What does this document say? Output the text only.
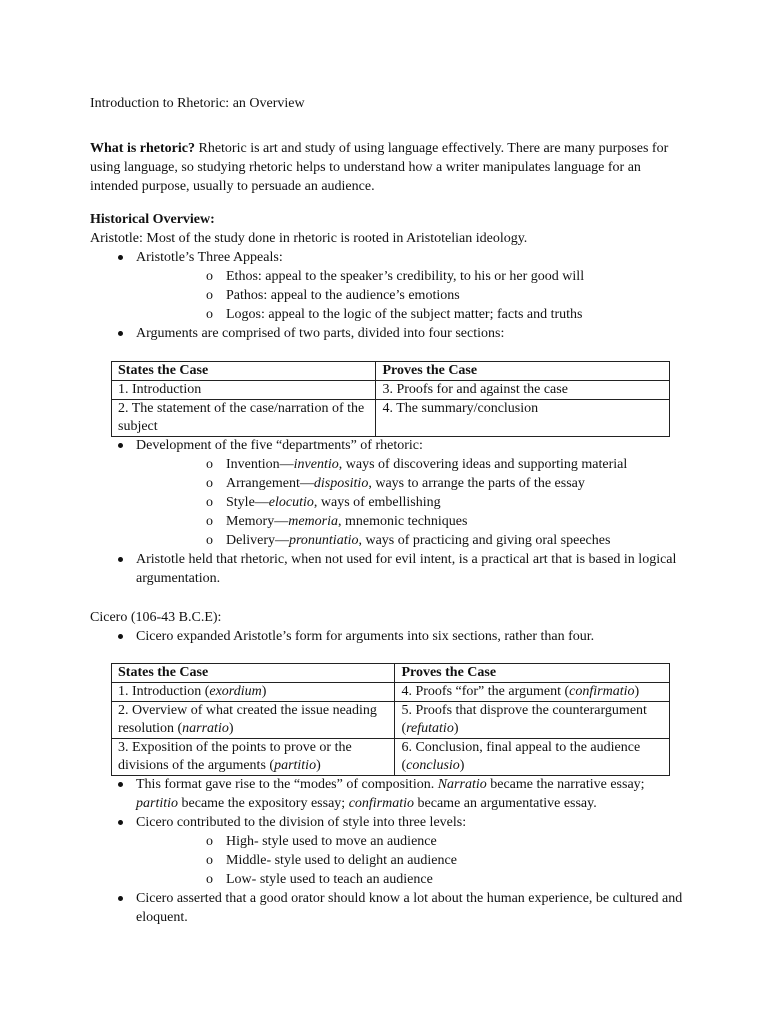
Introduction to Rhetoric: an Overview

What is rhetoric? Rhetoric is art and study of using language effectively. There are many purposes for using language, so studying rhetoric helps to understand how a writer manipulates language for an intended purpose, usually to persuade an audience.

Historical Overview:

Aristotle: Most of the study done in rhetoric is rooted in Aristotelian ideology.

Aristotle’s Three Appeals:
o Ethos: appeal to the speaker’s credibility, to his or her good will
o Pathos: appeal to the audience’s emotions
o Logos: appeal to the logic of the subject matter; facts and truths
Arguments are comprised of two parts, divided into four sections:
States the Case	Proves the Case
1. Introduction	3. Proofs for and against the case
2. The statement of the case/narration of the subject	4. The summary/conclusion
Development of the five “departments” of rhetoric:
o Invention—inventio, ways of discovering ideas and supporting material
o Arrangement—dispositio, ways to arrange the parts of the essay
o Style—elocutio, ways of embellishing
o Memory—memoria, mnemonic techniques
o Delivery—pronuntiatio, ways of practicing and giving oral speeches
Aristotle held that rhetoric, when not used for evil intent, is a practical art that is based in logical argumentation.

Cicero (106-43 B.C.E):

Cicero expanded Aristotle’s form for arguments into six sections, rather than four.
States the Case	Proves the Case
1. Introduction (exordium)	4. Proofs “for” the argument (confirmatio)
2. Overview of what created the issue neading resolution (narratio)	5. Proofs that disprove the counterargument (refutatio)
3. Exposition of the points to prove or the divisions of the arguments (partitio)	6. Conclusion, final appeal to the audience (conclusio)
This format gave rise to the “modes” of composition. Narratio became the narrative essay; partitio became the expository essay; confirmatio became an argumentative essay.
Cicero contributed to the division of style into three levels:
o High- style used to move an audience
o Middle- style used to delight an audience
o Low- style used to teach an audience
Cicero asserted that a good orator should know a lot about the human experience, be cultured and eloquent.
